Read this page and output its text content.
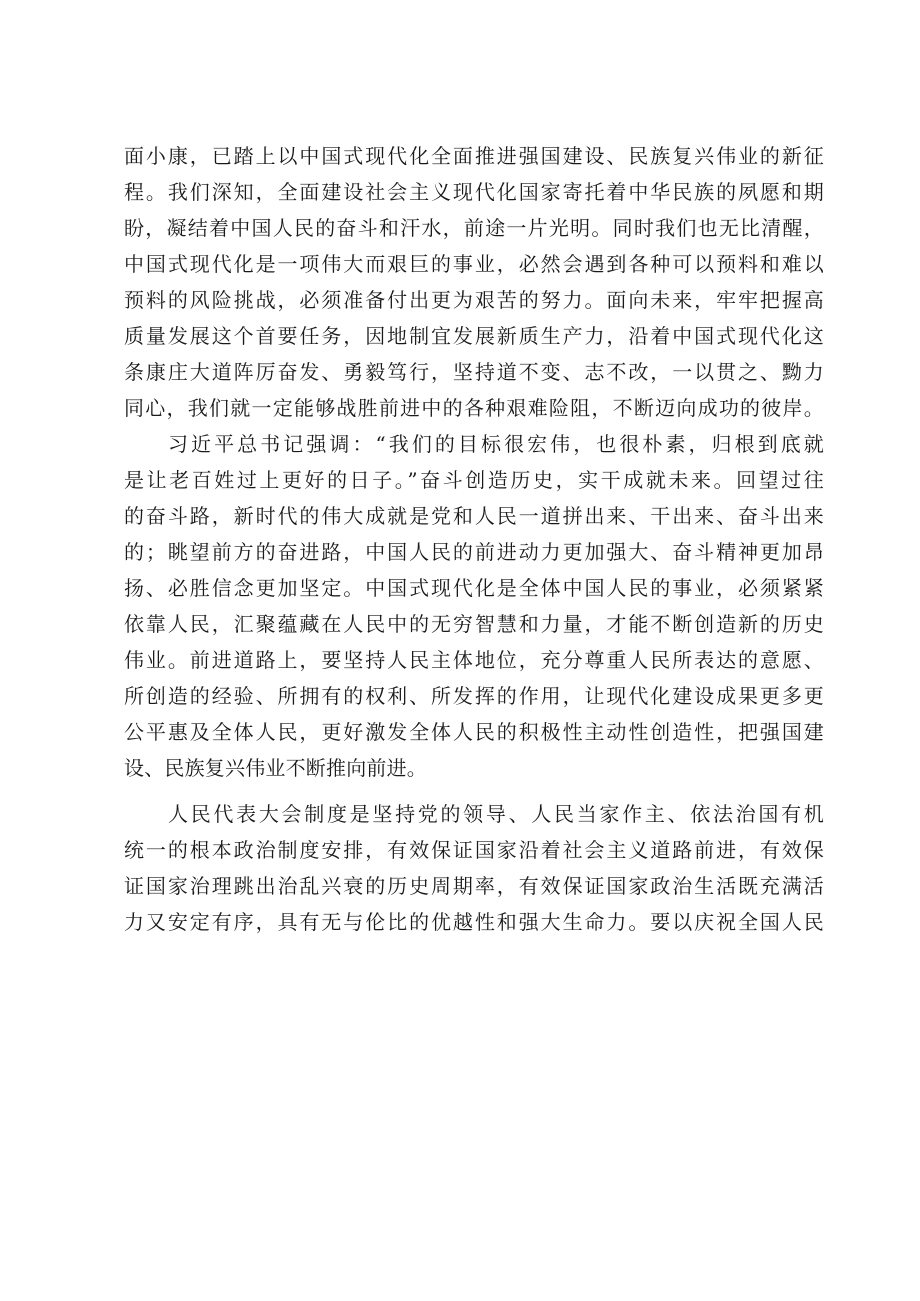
面小康，已踏上以中国式现代化全面推进强国建设、民族复兴伟业的新征
程。我们深知，全面建设社会主义现代化国家寄托着中华民族的夙愿和期
盼，凝结着中国人民的奋斗和汗水，前途一片光明。同时我们也无比清醒，
中国式现代化是一项伟大而艰巨的事业，必然会遇到各种可以预料和难以
预料的风险挑战，必须准备付出更为艰苦的努力。面向未来，牢牢把握高
质量发展这个首要任务，因地制宜发展新质生产力，沿着中国式现代化这
条康庄大道阵厉奋发、勇毅笃行，坚持道不变、志不改，一以贯之、黝力
同心，我们就一定能够战胜前进中的各种艰难险阻，不断迈向成功的彼岸。

习近平总书记强调：“我们的目标很宏伟，也很朴素，归根到底就
是让老百姓过上更好的日子。”奋斗创造历史，实干成就未来。回望过往
的奋斗路，新时代的伟大成就是党和人民一道拼出来、干出来、奋斗出来
的；眺望前方的奋进路，中国人民的前进动力更加强大、奋斗精神更加昂
扬、必胜信念更加坚定。中国式现代化是全体中国人民的事业，必须紧紧
依靠人民，汇聚蕴藏在人民中的无穷智慧和力量，才能不断创造新的历史
伟业。前进道路上，要坚持人民主体地位，充分尊重人民所表达的意愿、
所创造的经验、所拥有的权利、所发挥的作用，让现代化建设成果更多更
公平惠及全体人民，更好激发全体人民的积极性主动性创造性，把强国建
设、民族复兴伟业不断推向前进。

人民代表大会制度是坚持党的领导、人民当家作主、依法治国有机
统一的根本政治制度安排，有效保证国家沿着社会主义道路前进，有效保
证国家治理跳出治乱兴衰的历史周期率，有效保证国家政治生活既充满活
力又安定有序，具有无与伦比的优越性和强大生命力。要以庆祝全国人民
